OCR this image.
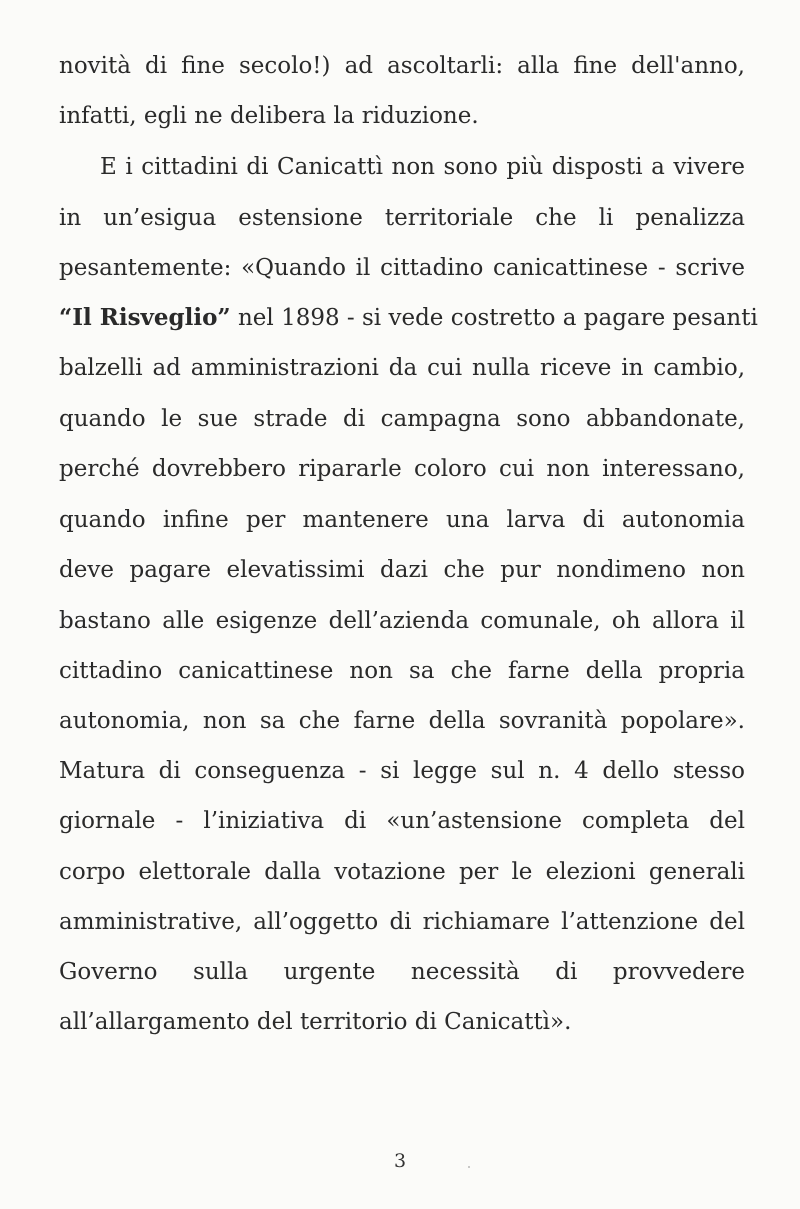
novità di fine secolo!) ad ascoltarli: alla fine dell'anno,
infatti, egli ne delibera la riduzione.
E i cittadini di Canicattì non sono più disposti a vivere
in un’esigua estensione territoriale che li penalizza
pesantemente: «Quando il cittadino canicattinese - scrive
“Il Risveglio” nel 1898 - si vede costretto a pagare pesanti
balzelli ad amministrazioni da cui nulla riceve in cambio,
quando le sue strade di campagna sono abbandonate,
perché dovrebbero ripararle coloro cui non interessano,
quando infine per mantenere una larva di autonomia
deve pagare elevatissimi dazi che pur nondimeno non
bastano alle esigenze dell’azienda comunale, oh allora il
cittadino canicattinese non sa che farne della propria
autonomia, non sa che farne della sovranità popolare».
Matura di conseguenza - si legge sul n. 4 dello stesso
giornale - l’iniziativa di «un’astensione completa del
corpo elettorale dalla votazione per le elezioni generali
amministrative, all’oggetto di richiamare l’attenzione del
Governo sulla urgente necessità di provvedere
all’allargamento del territorio di Canicattì».
3
